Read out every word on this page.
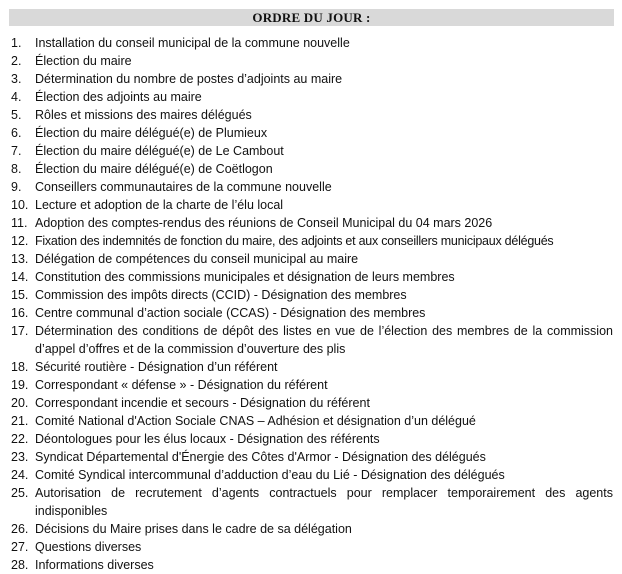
ORDRE DU JOUR :
1.	Installation du conseil municipal de la commune nouvelle
2.	Élection du maire
3.	Détermination du nombre de postes d’adjoints au maire
4.	Élection des adjoints au maire
5.	Rôles et missions des maires délégués
6.	Élection du maire délégué(e) de Plumieux
7.	Élection du maire délégué(e) de Le Cambout
8.	Élection du maire délégué(e) de Coëtlogon
9.	Conseillers communautaires de la commune nouvelle
10. Lecture et adoption de la charte de l’élu local
11. Adoption des comptes-rendus des réunions de Conseil Municipal du 04 mars 2026
12. Fixation des indemnités de fonction du maire, des adjoints et aux conseillers municipaux délégués
13. Délégation de compétences du conseil municipal au maire
14. Constitution des commissions municipales et désignation de leurs membres
15. Commission des impôts directs (CCID) - Désignation des membres
16. Centre communal d’action sociale (CCAS) - Désignation des membres
17. Détermination des conditions de dépôt des listes en vue de l’élection des membres de la commission d’appel d’offres et de la commission d’ouverture des plis
18. Sécurité routière - Désignation d’un référent
19. Correspondant « défense » - Désignation du référent
20. Correspondant incendie et secours - Désignation du référent
21. Comité National d'Action Sociale CNAS – Adhésion et désignation d’un délégué
22. Déontologues pour les élus locaux - Désignation des référents
23. Syndicat Départemental d'Énergie des Côtes d'Armor - Désignation des délégués
24. Comité Syndical intercommunal d’adduction d’eau du Lié - Désignation des délégués
25. Autorisation de recrutement d’agents contractuels pour remplacer temporairement des agents indisponibles
26. Décisions du Maire prises dans le cadre de sa délégation
27. Questions diverses
28. Informations diverses
